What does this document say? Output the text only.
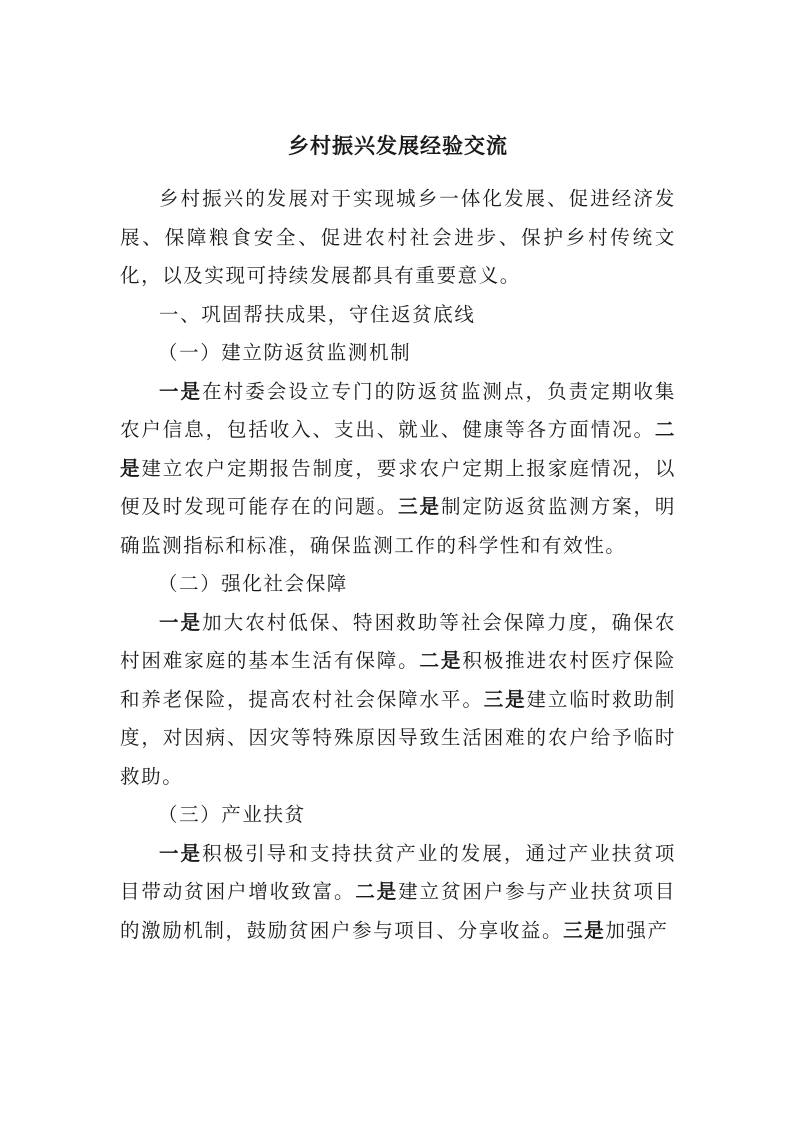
乡村振兴发展经验交流

乡村振兴的发展对于实现城乡一体化发展、促进经济发展、保障粮食安全、促进农村社会进步、保护乡村传统文化，以及实现可持续发展都具有重要意义。

一、巩固帮扶成果，守住返贫底线

（一）建立防返贫监测机制

一是在村委会设立专门的防返贫监测点，负责定期收集农户信息，包括收入、支出、就业、健康等各方面情况。二是建立农户定期报告制度，要求农户定期上报家庭情况，以便及时发现可能存在的问题。三是制定防返贫监测方案，明确监测指标和标准，确保监测工作的科学性和有效性。

（二）强化社会保障

一是加大农村低保、特困救助等社会保障力度，确保农村困难家庭的基本生活有保障。二是积极推进农村医疗保险和养老保险，提高农村社会保障水平。三是建立临时救助制度，对因病、因灾等特殊原因导致生活困难的农户给予临时救助。

（三）产业扶贫

一是积极引导和支持扶贫产业的发展，通过产业扶贫项目带动贫困户增收致富。二是建立贫困户参与产业扶贫项目的激励机制，鼓励贫困户参与项目、分享收益。三是加强产
